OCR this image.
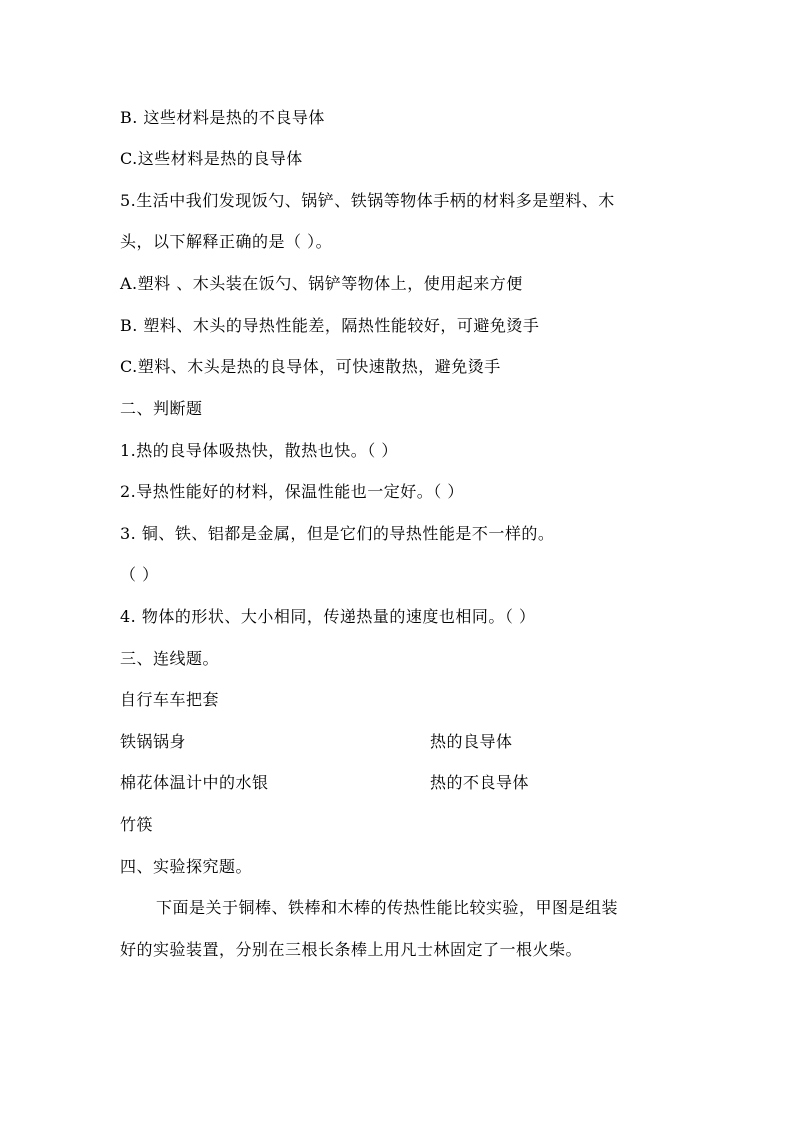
B. 这些材料是热的不良导体
C.这些材料是热的良导体
5.生活中我们发现饭勺、锅铲、铁锅等物体手柄的材料多是塑料、木
头，以下解释正确的是（ ）。
A.塑料 、木头装在饭勺、锅铲等物体上，使用起来方便
B. 塑料、木头的导热性能差，隔热性能较好，可避免烫手
C.塑料、木头是热的良导体，可快速散热，避免烫手
二、判断题
1.热的良导体吸热快，散热也快。（ ）
2.导热性能好的材料，保温性能也一定好。（ ）
3. 铜、铁、铝都是金属，但是它们的导热性能是不一样的。
（ ）
4. 物体的形状、大小相同，传递热量的速度也相同。（ ）
三、连线题。
自行车车把套
铁锅锅身	热的良导体
棉花体温计中的水银	热的不良导体
竹筷
四、实验探究题。
下面是关于铜棒、铁棒和木棒的传热性能比较实验，甲图是组装
好的实验装置，分别在三根长条棒上用凡士林固定了一根火柴。
